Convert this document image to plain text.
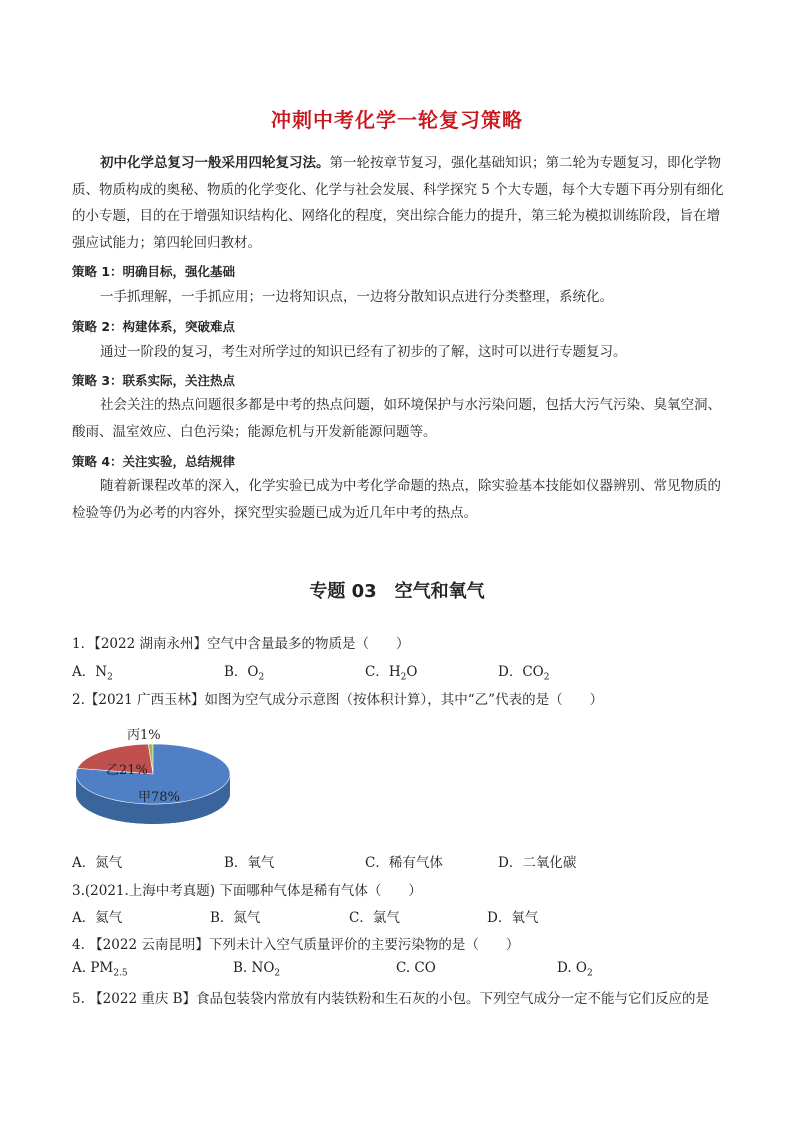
冲刺中考化学一轮复习策略
初中化学总复习一般采用四轮复习法。第一轮按章节复习，强化基础知识；第二轮为专题复习，即化学物质、物质构成的奥秘、物质的化学变化、化学与社会发展、科学探究 5 个大专题，每个大专题下再分别有细化的小专题，目的在于增强知识结构化、网络化的程度，突出综合能力的提升，第三轮为模拟训练阶段，旨在增强应试能力；第四轮回归教材。
策略 1：明确目标，强化基础
一手抓理解，一手抓应用；一边将知识点，一边将分散知识点进行分类整理，系统化。
策略 2：构建体系，突破难点
通过一阶段的复习，考生对所学过的知识已经有了初步的了解，这时可以进行专题复习。
策略 3：联系实际，关注热点
社会关注的热点问题很多都是中考的热点问题，如环境保护与水污染问题，包括大污气污染、臭氧空洞、酸雨、温室效应、白色污染；能源危机与开发新能源问题等。
策略 4：关注实验，总结规律
随着新课程改革的深入，化学实验已成为中考化学命题的热点，除实验基本技能如仪器辨别、常见物质的检验等仍为必考的内容外，探究型实验题已成为近几年中考的热点。
专题 03　空气和氧气
1．【2022 湖南永州】空气中含量最多的物质是（　　）
A．$N_2$	B．$O_2$	C．$H_2O$	D．$CO_2$
2.【2021 广西玉林】如图为空气成分示意图（按体积计算），其中“乙”代表的是（　　）
丙1%
乙21%
甲78%
A．氮气	B．氧气	C．稀有气体	D．二氧化碳
3.(2021.上海中考真题) 下面哪种气体是稀有气体（　　）
A．氦气	B．氮气	C．氯气	D．氧气
4. 【2022 云南昆明】下列未计入空气质量评价的主要污染物的是（　　）
A. $PM_{2.5}$	B. $NO_2$	C. CO	D. $O_2$
5. 【2022 重庆 B】食品包装袋内常放有内装铁粉和生石灰的小包。下列空气成分一定不能与它们反应的是
